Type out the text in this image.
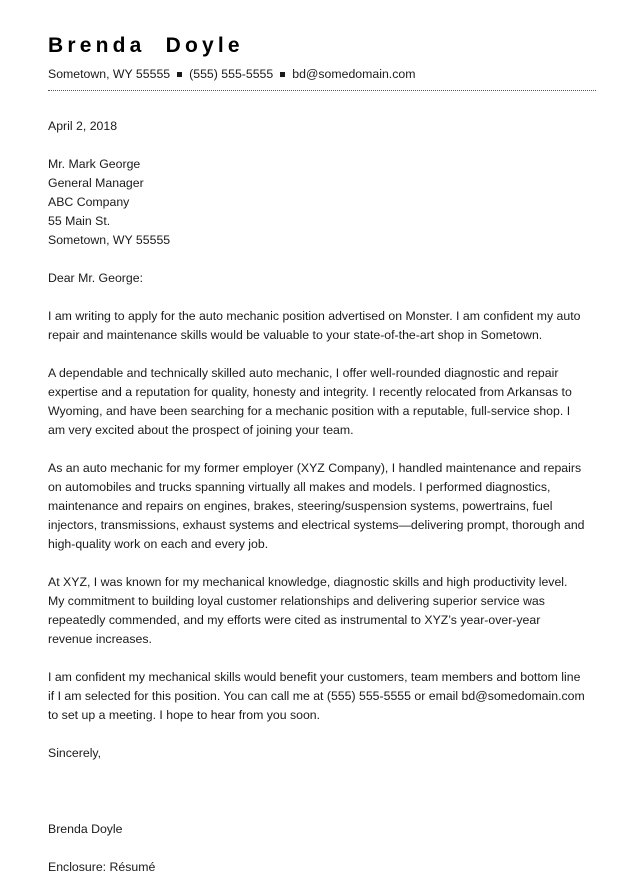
Brenda  Doyle
Sometown, WY 55555 (555) 555-5555 bd@somedomain.com

April 2, 2018

Mr. Mark George
General Manager
ABC Company
55 Main St.
Sometown, WY 55555

Dear Mr. George:

I am writing to apply for the auto mechanic position advertised on Monster. I am confident my auto repair and maintenance skills would be valuable to your state-of-the-art shop in Sometown.

A dependable and technically skilled auto mechanic, I offer well-rounded diagnostic and repair expertise and a reputation for quality, honesty and integrity. I recently relocated from Arkansas to Wyoming, and have been searching for a mechanic position with a reputable, full-service shop. I am very excited about the prospect of joining your team.

As an auto mechanic for my former employer (XYZ Company), I handled maintenance and repairs on automobiles and trucks spanning virtually all makes and models. I performed diagnostics, maintenance and repairs on engines, brakes, steering/suspension systems, powertrains, fuel injectors, transmissions, exhaust systems and electrical systems—delivering prompt, thorough and high-quality work on each and every job.

At XYZ, I was known for my mechanical knowledge, diagnostic skills and high productivity level. My commitment to building loyal customer relationships and delivering superior service was repeatedly commended, and my efforts were cited as instrumental to XYZ’s year-over-year revenue increases.

I am confident my mechanical skills would benefit your customers, team members and bottom line if I am selected for this position. You can call me at (555) 555-5555 or email bd@somedomain.com to set up a meeting. I hope to hear from you soon.

Sincerely,

Brenda Doyle

Enclosure: Résumé
